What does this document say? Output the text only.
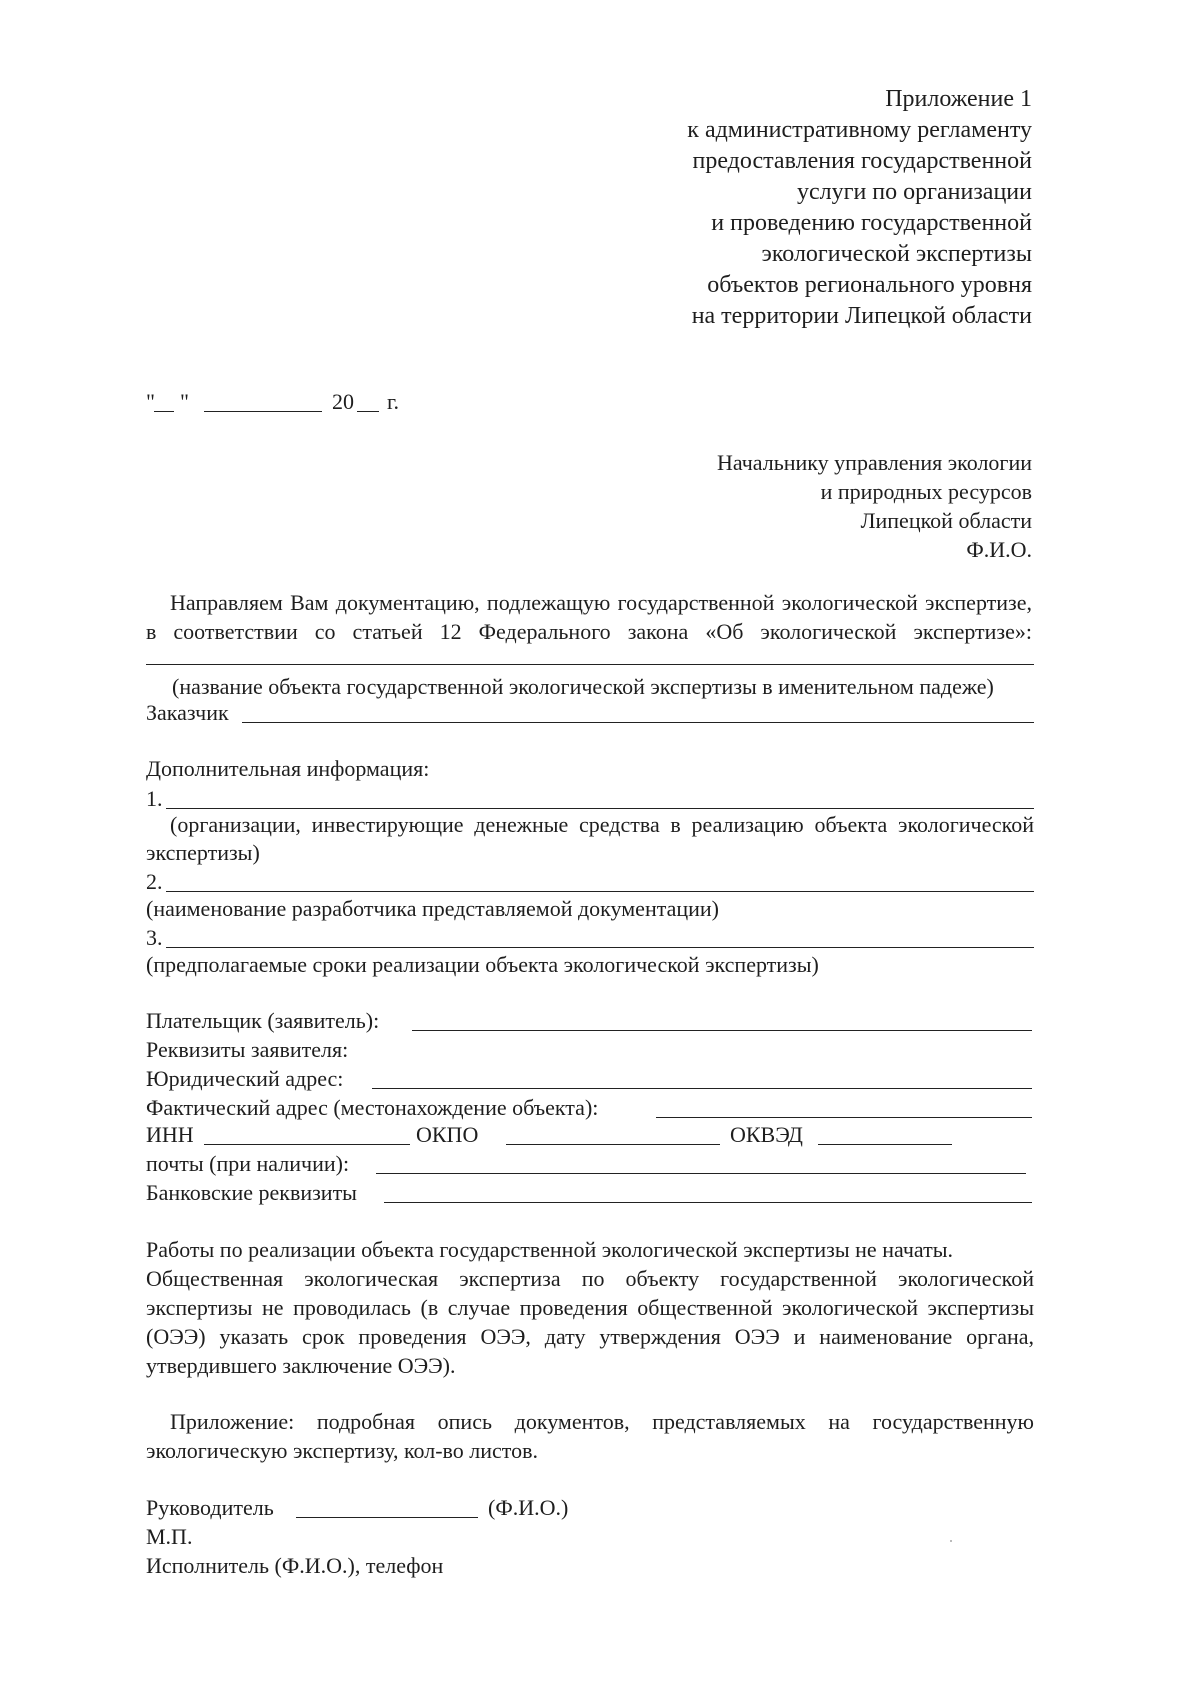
Приложение 1
к административному регламенту
предоставления государственной
услуги по организации
и проведению государственной
экологической экспертизы
объектов регионального уровня
на территории Липецкой области
" "	20 г.
Начальнику управления экологии
и природных ресурсов
Липецкой области
Ф.И.О.
Направляем Вам документацию, подлежащую государственной экологической экспертизе,
в соответствии со статьей 12 Федерального закона «Об экологической экспертизе»:
(название объекта государственной экологической экспертизы в именительном падеже)
Заказчик
Дополнительная информация:
1.
(организации, инвестирующие денежные средства в реализацию объекта экологической
экспертизы)
2.
(наименование разработчика представляемой документации)
3.
(предполагаемые сроки реализации объекта экологической экспертизы)
Плательщик (заявитель):
Реквизиты заявителя:
Юридический адрес:
Фактический адрес (местонахождение объекта):
ИНН	ОКПО	ОКВЭД
почты (при наличии):
Банковские реквизиты
Работы по реализации объекта государственной экологической экспертизы не начаты.
Общественная экологическая экспертиза по объекту государственной экологической
экспертизы не проводилась (в случае проведения общественной экологической экспертизы
(ОЭЭ) указать срок проведения ОЭЭ, дату утверждения ОЭЭ и наименование органа,
утвердившего заключение ОЭЭ).
Приложение: подробная опись документов, представляемых на государственную
экологическую экспертизу, кол-во листов.
Руководитель	(Ф.И.О.)
М.П.
Исполнитель (Ф.И.О.), телефон
